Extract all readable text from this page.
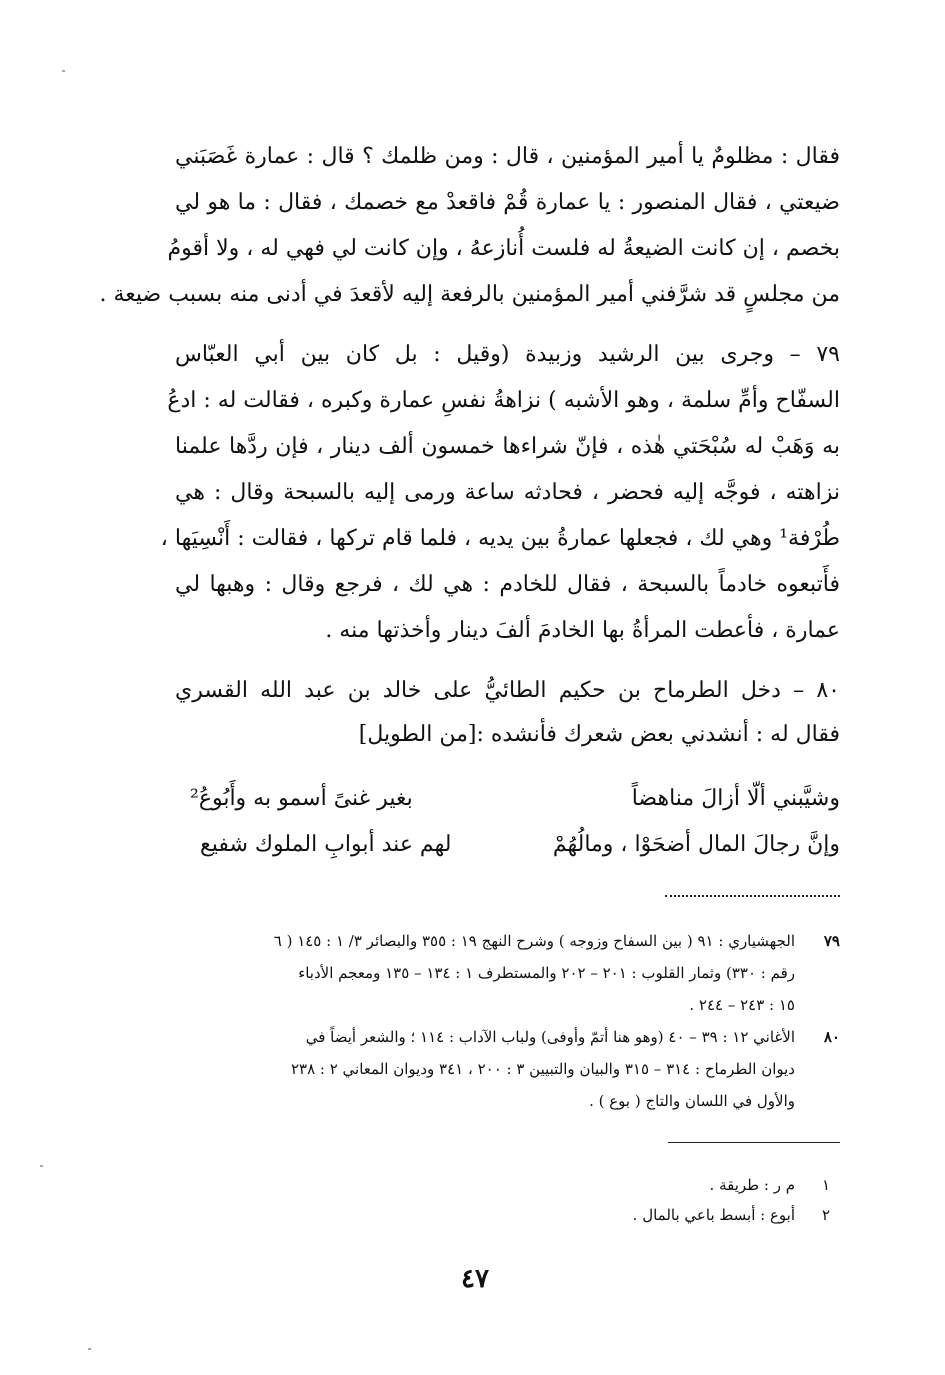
فقال : مظلومٌ يا أمير المؤمنين ، قال : ومن ظلمك ؟ قال : عمارة غَصَبَني
ضيعتي ، فقال المنصور : يا عمارة قُمْ فاقعدْ مع خصمك ، فقال : ما هو لي
بخصم ، إن كانت الضيعةُ له فلست أُنازعهُ ، وإن كانت لي فهي له ، ولا أقومُ
من مجلسٍ قد شرَّفني أمير المؤمنين بالرفعة إليه لأقعدَ في أدنى منه بسبب ضيعة .
٧٩ – وجرى بين الرشيد وزبيدة (وقيل : بل كان بين أبي العبّاس
السفّاح وأمِّ سلمة ، وهو الأشبه ) نزاهةُ نفسِ عمارة وكبره ، فقالت له : ادعُ
به وَهَبْ له سُبْحَتي هٰذه ، فإنّ شراءها خمسون ألف دينار ، فإن ردَّها علمنا
نزاهته ، فوجَّه إليه فحضر ، فحادثه ساعة ورمى إليه بالسبحة وقال : هي
طُرْفة¹ وهي لك ، فجعلها عمارةُ بين يديه ، فلما قام تركها ، فقالت : أَنْسِيَها ،
فأَتبعوه خادماً بالسبحة ، فقال للخادم : هي لك ، فرجع وقال : وهبها لي
عمارة ، فأعطت المرأةُ بها الخادمَ ألفَ دينار وأخذتها منه .
٨٠ – دخل الطرماح بن حكيم الطائيُّ على خالد بن عبد الله القسري
فقال له : أنشدني بعض شعرك فأنشده :[من الطويل]
وشيَّبني ألّا أزالَ مناهضاً
بغير غنىً أسمو به وأَبُوعُ²
وإنَّ رجالَ المال أضحَوْا ، ومالُهُمْ
لهم عند أبوابِ الملوك شفيع
٧٩
الجهشياري : ٩١ ( بين السفاح وزوجه ) وشرح النهج ١٩ : ٣٥٥ والبصائر ٣/ ١ : ١٤٥ ( ٦
رقم : ٣٣٠) وثمار القلوب : ٢٠١ – ٢٠٢ والمستطرف ١ : ١٣٤ – ١٣٥ ومعجم الأدباء
١٥ : ٢٤٣ – ٢٤٤ .
٨٠
الأغاني ١٢ : ٣٩ – ٤٠ (وهو هنا أتمّ وأوفى) ولباب الآداب : ١١٤ ؛ والشعر أيضاً في
ديوان الطرماح : ٣١٤ – ٣١٥ والبيان والتبيين ٣ : ٢٠٠ ، ٣٤١ وديوان المعاني ٢ : ٢٣٨
والأول في اللسان والتاج ( بوع ) .
١
م ر : طريقة .
٢
أبوع : أبسط باعي بالمال .
٤٧
